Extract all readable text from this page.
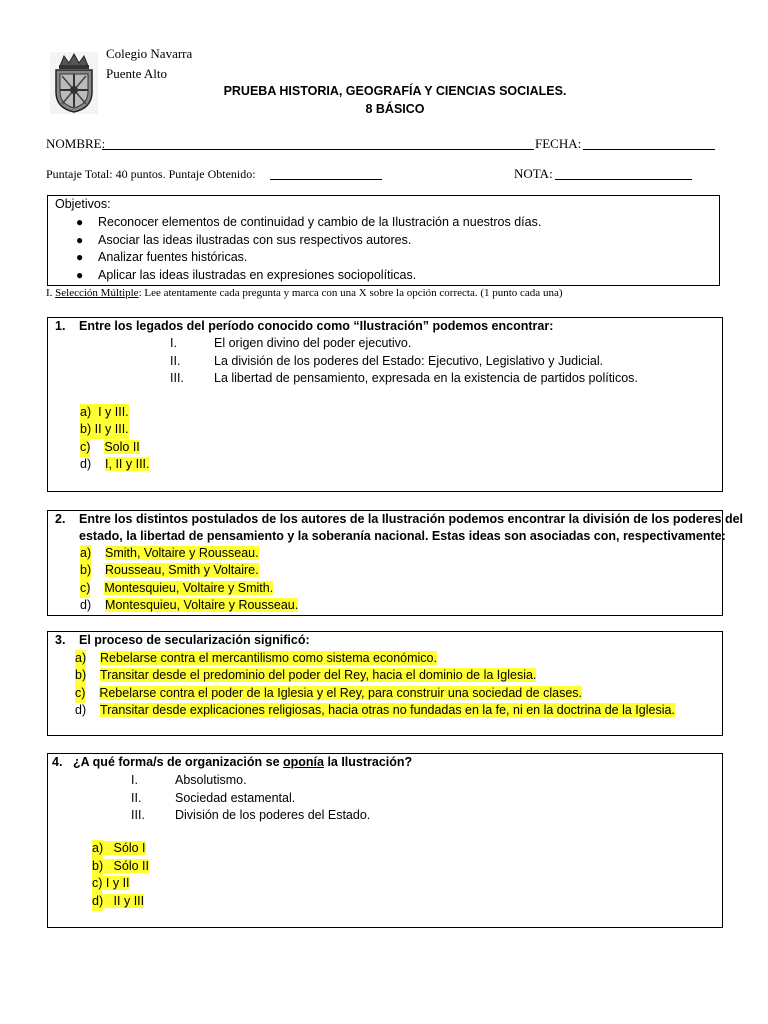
Colegio Navarra
Puente Alto
PRUEBA HISTORIA, GEOGRAFÍA Y CIENCIAS SOCIALES.
8 BÁSICO
NOMBRE:	FECHA:
Puntaje Total: 40 puntos. Puntaje Obtenido:	NOTA:
Objetivos:
● Reconocer elementos de continuidad y cambio de la Ilustración a nuestros días.
● Asociar las ideas ilustradas con sus respectivos autores.
● Analizar fuentes históricas.
● Aplicar las ideas ilustradas en expresiones sociopolíticas.
I. Selección Múltiple: Lee atentamente cada pregunta y marca con una X sobre la opción correcta. (1 punto cada una)
1. Entre los legados del período conocido como “Ilustración” podemos encontrar:
I.	El origen divino del poder ejecutivo.
II.	La división de los poderes del Estado: Ejecutivo, Legislativo y Judicial.
III. La libertad de pensamiento, expresada en la existencia de partidos políticos.
a) I y III.
b) II y III.
c) Solo II
d) I, II y III.
2. Entre los distintos postulados de los autores de la Ilustración podemos encontrar la división de los poderes del
estado, la libertad de pensamiento y la soberanía nacional. Estas ideas son asociadas con, respectivamente:
a) Smith, Voltaire y Rousseau.
b) Rousseau, Smith y Voltaire.
c) Montesquieu, Voltaire y Smith.
d) Montesquieu, Voltaire y Rousseau.
3. El proceso de secularización significó:
a) Rebelarse contra el mercantilismo como sistema económico.
b) Transitar desde el predominio del poder del Rey, hacia el dominio de la Iglesia.
c) Rebelarse contra el poder de la Iglesia y el Rey, para construir una sociedad de clases.
d) Transitar desde explicaciones religiosas, hacia otras no fundadas en la fe, ni en la doctrina de la Iglesia.
4. ¿A qué forma/s de organización se oponía la Ilustración?
I.	Absolutismo.
II.	Sociedad estamental.
III. División de los poderes del Estado.
a) Sólo I
b) Sólo II
c) I y II
d) II y III
